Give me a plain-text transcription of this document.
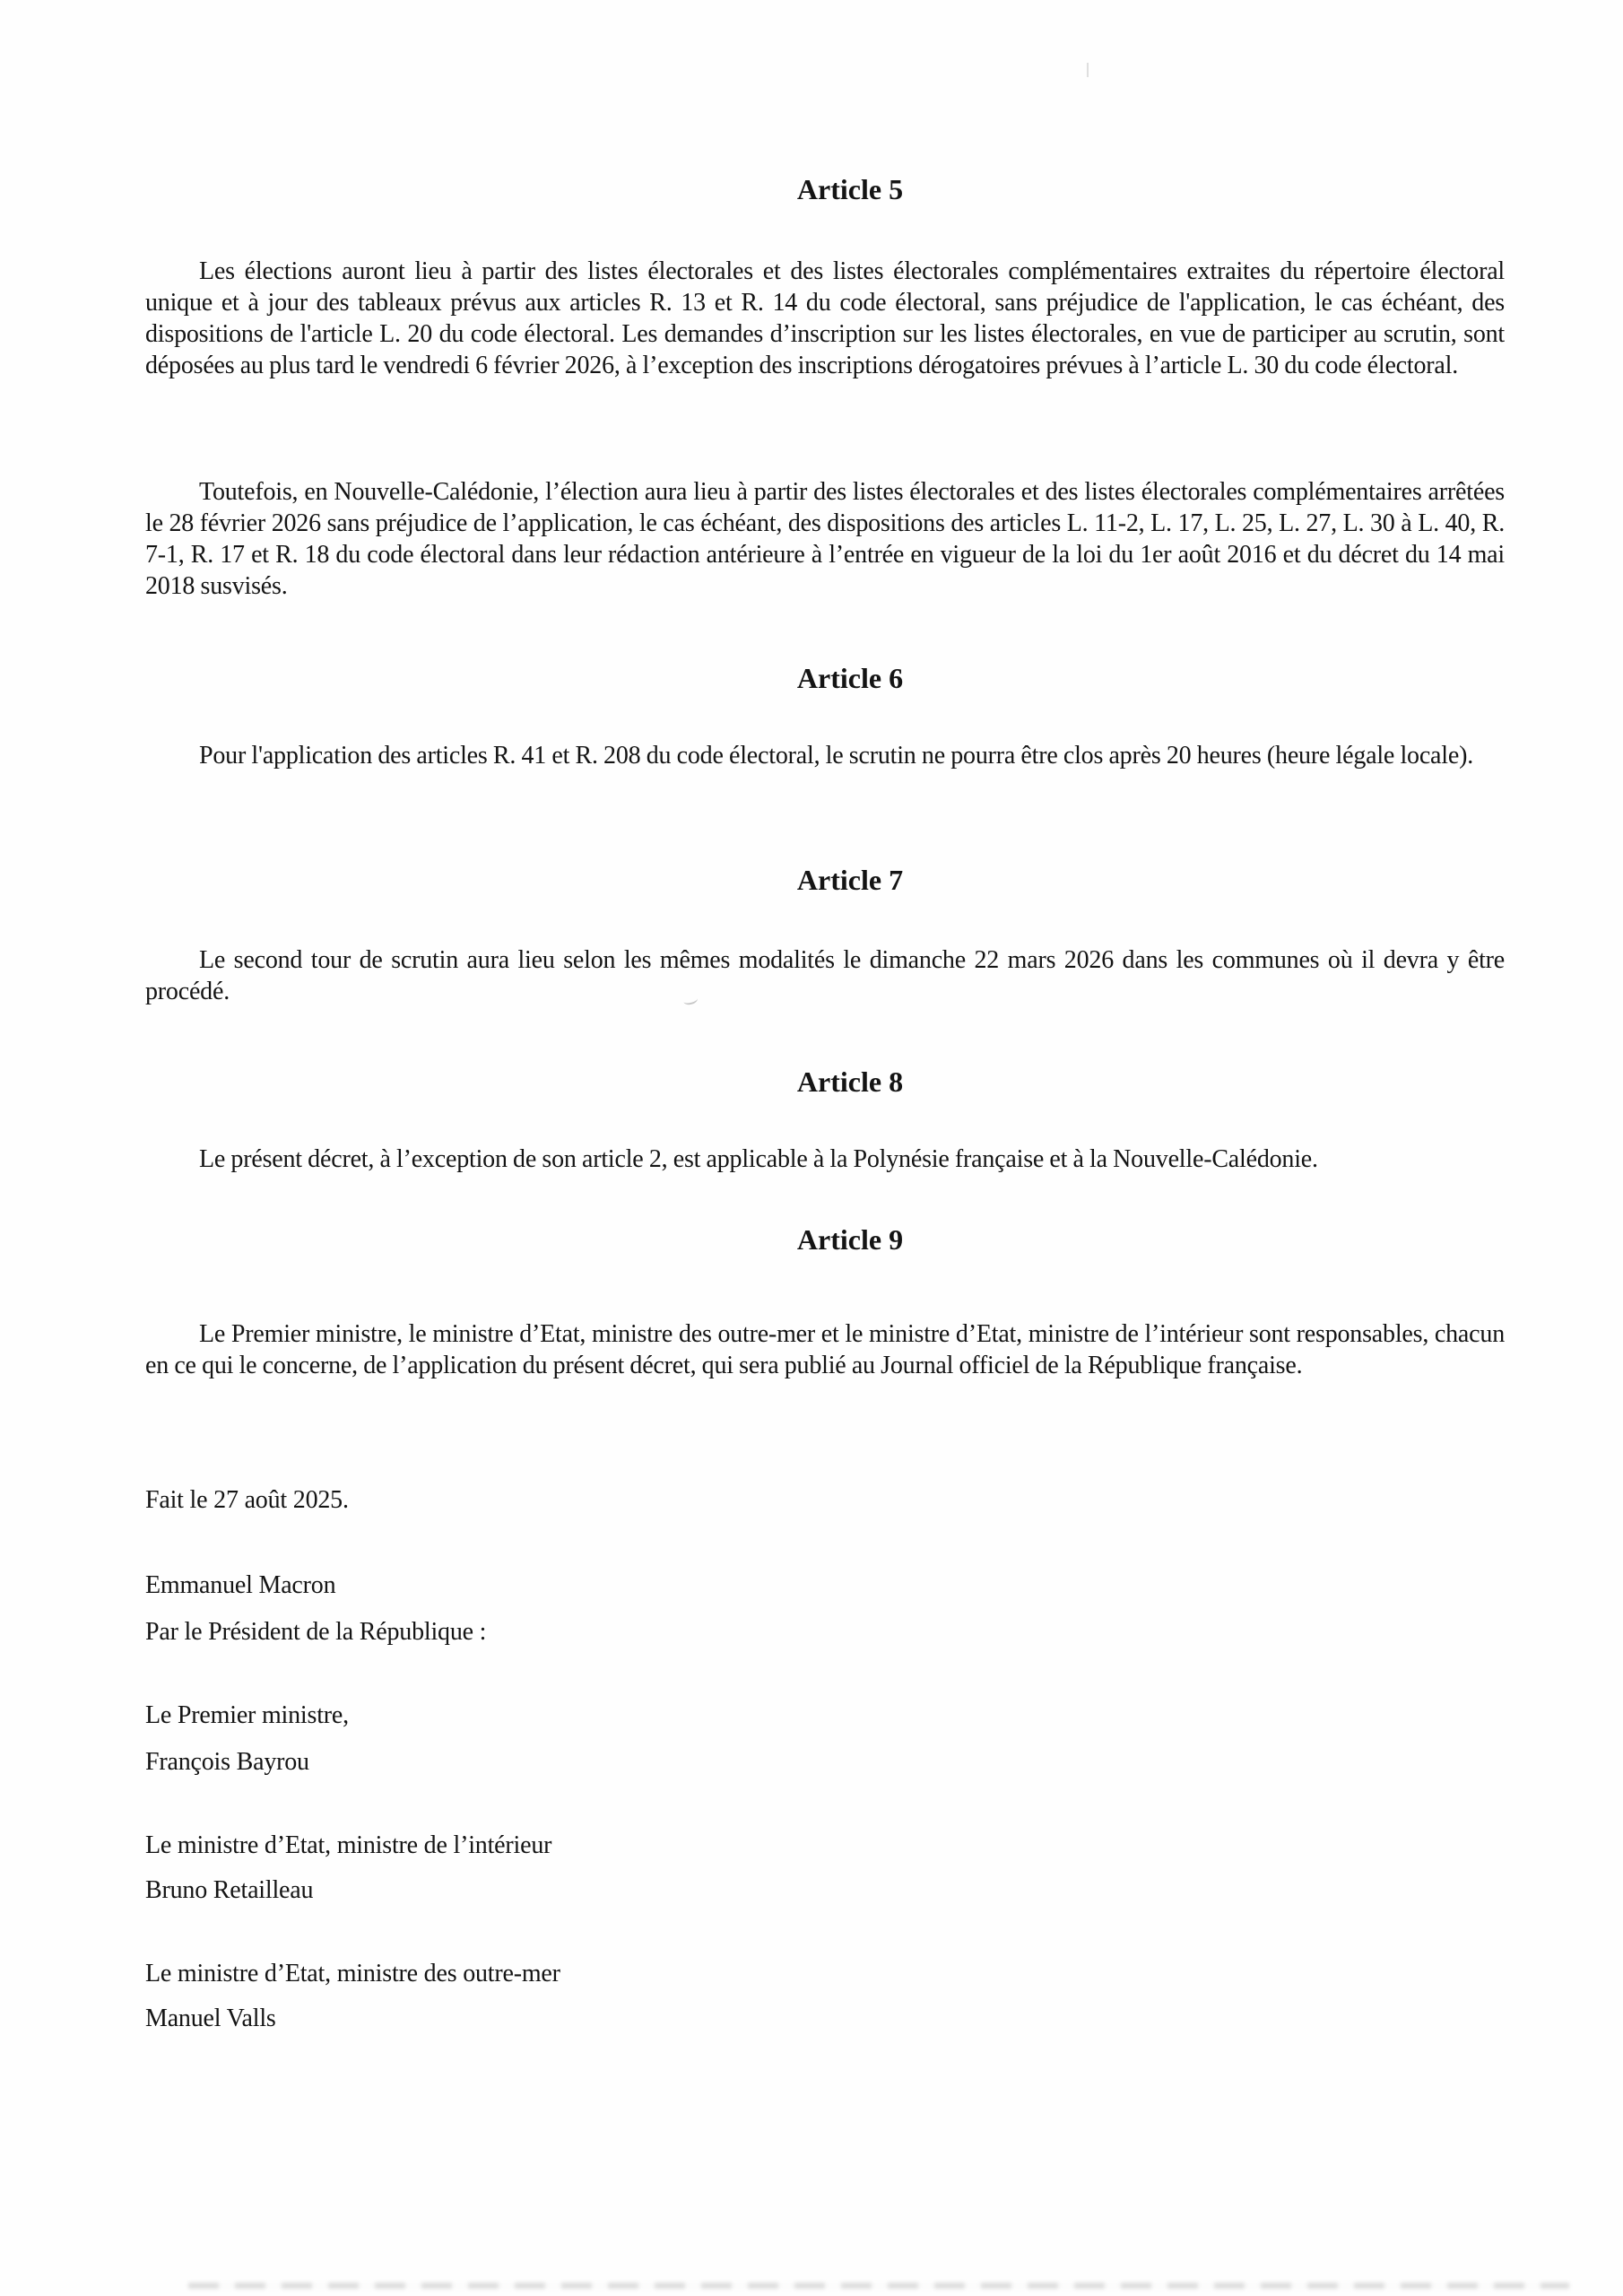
Article 5

Les élections auront lieu à partir des listes électorales et des listes électorales complémentaires extraites du répertoire électoral unique et à jour des tableaux prévus aux articles R. 13 et R. 14 du code électoral, sans préjudice de l'application, le cas échéant, des dispositions de l'article L. 20 du code électoral. Les demandes d’inscription sur les listes électorales, en vue de participer au scrutin, sont déposées au plus tard le vendredi 6 février 2026, à l’exception des inscriptions dérogatoires prévues à l’article L. 30 du code électoral.

Toutefois, en Nouvelle-Calédonie, l’élection aura lieu à partir des listes électorales et des listes électorales complémentaires arrêtées le 28 février 2026 sans préjudice de l’application, le cas échéant, des dispositions des articles L. 11-2, L. 17, L. 25, L. 27, L. 30 à L. 40, R. 7-1, R. 17 et R. 18 du code électoral dans leur rédaction antérieure à l’entrée en vigueur de la loi du 1er août 2016 et du décret du 14 mai 2018 susvisés.

Article 6

Pour l'application des articles R. 41 et R. 208 du code électoral, le scrutin ne pourra être clos après 20 heures (heure légale locale).

Article 7

Le second tour de scrutin aura lieu selon les mêmes modalités le dimanche 22 mars 2026 dans les communes où il devra y être procédé.

Article 8

Le présent décret, à l’exception de son article 2, est applicable à la Polynésie française et à la Nouvelle-Calédonie.

Article 9

Le Premier ministre, le ministre d’Etat, ministre des outre-mer et le ministre d’Etat, ministre de l’intérieur sont responsables, chacun en ce qui le concerne, de l’application du présent décret, qui sera publié au Journal officiel de la République française.

Fait le 27 août 2025.
Emmanuel Macron
Par le Président de la République :
Le Premier ministre,
François Bayrou
Le ministre d’Etat, ministre de l’intérieur
Bruno Retailleau
Le ministre d’Etat, ministre des outre-mer
Manuel Valls
